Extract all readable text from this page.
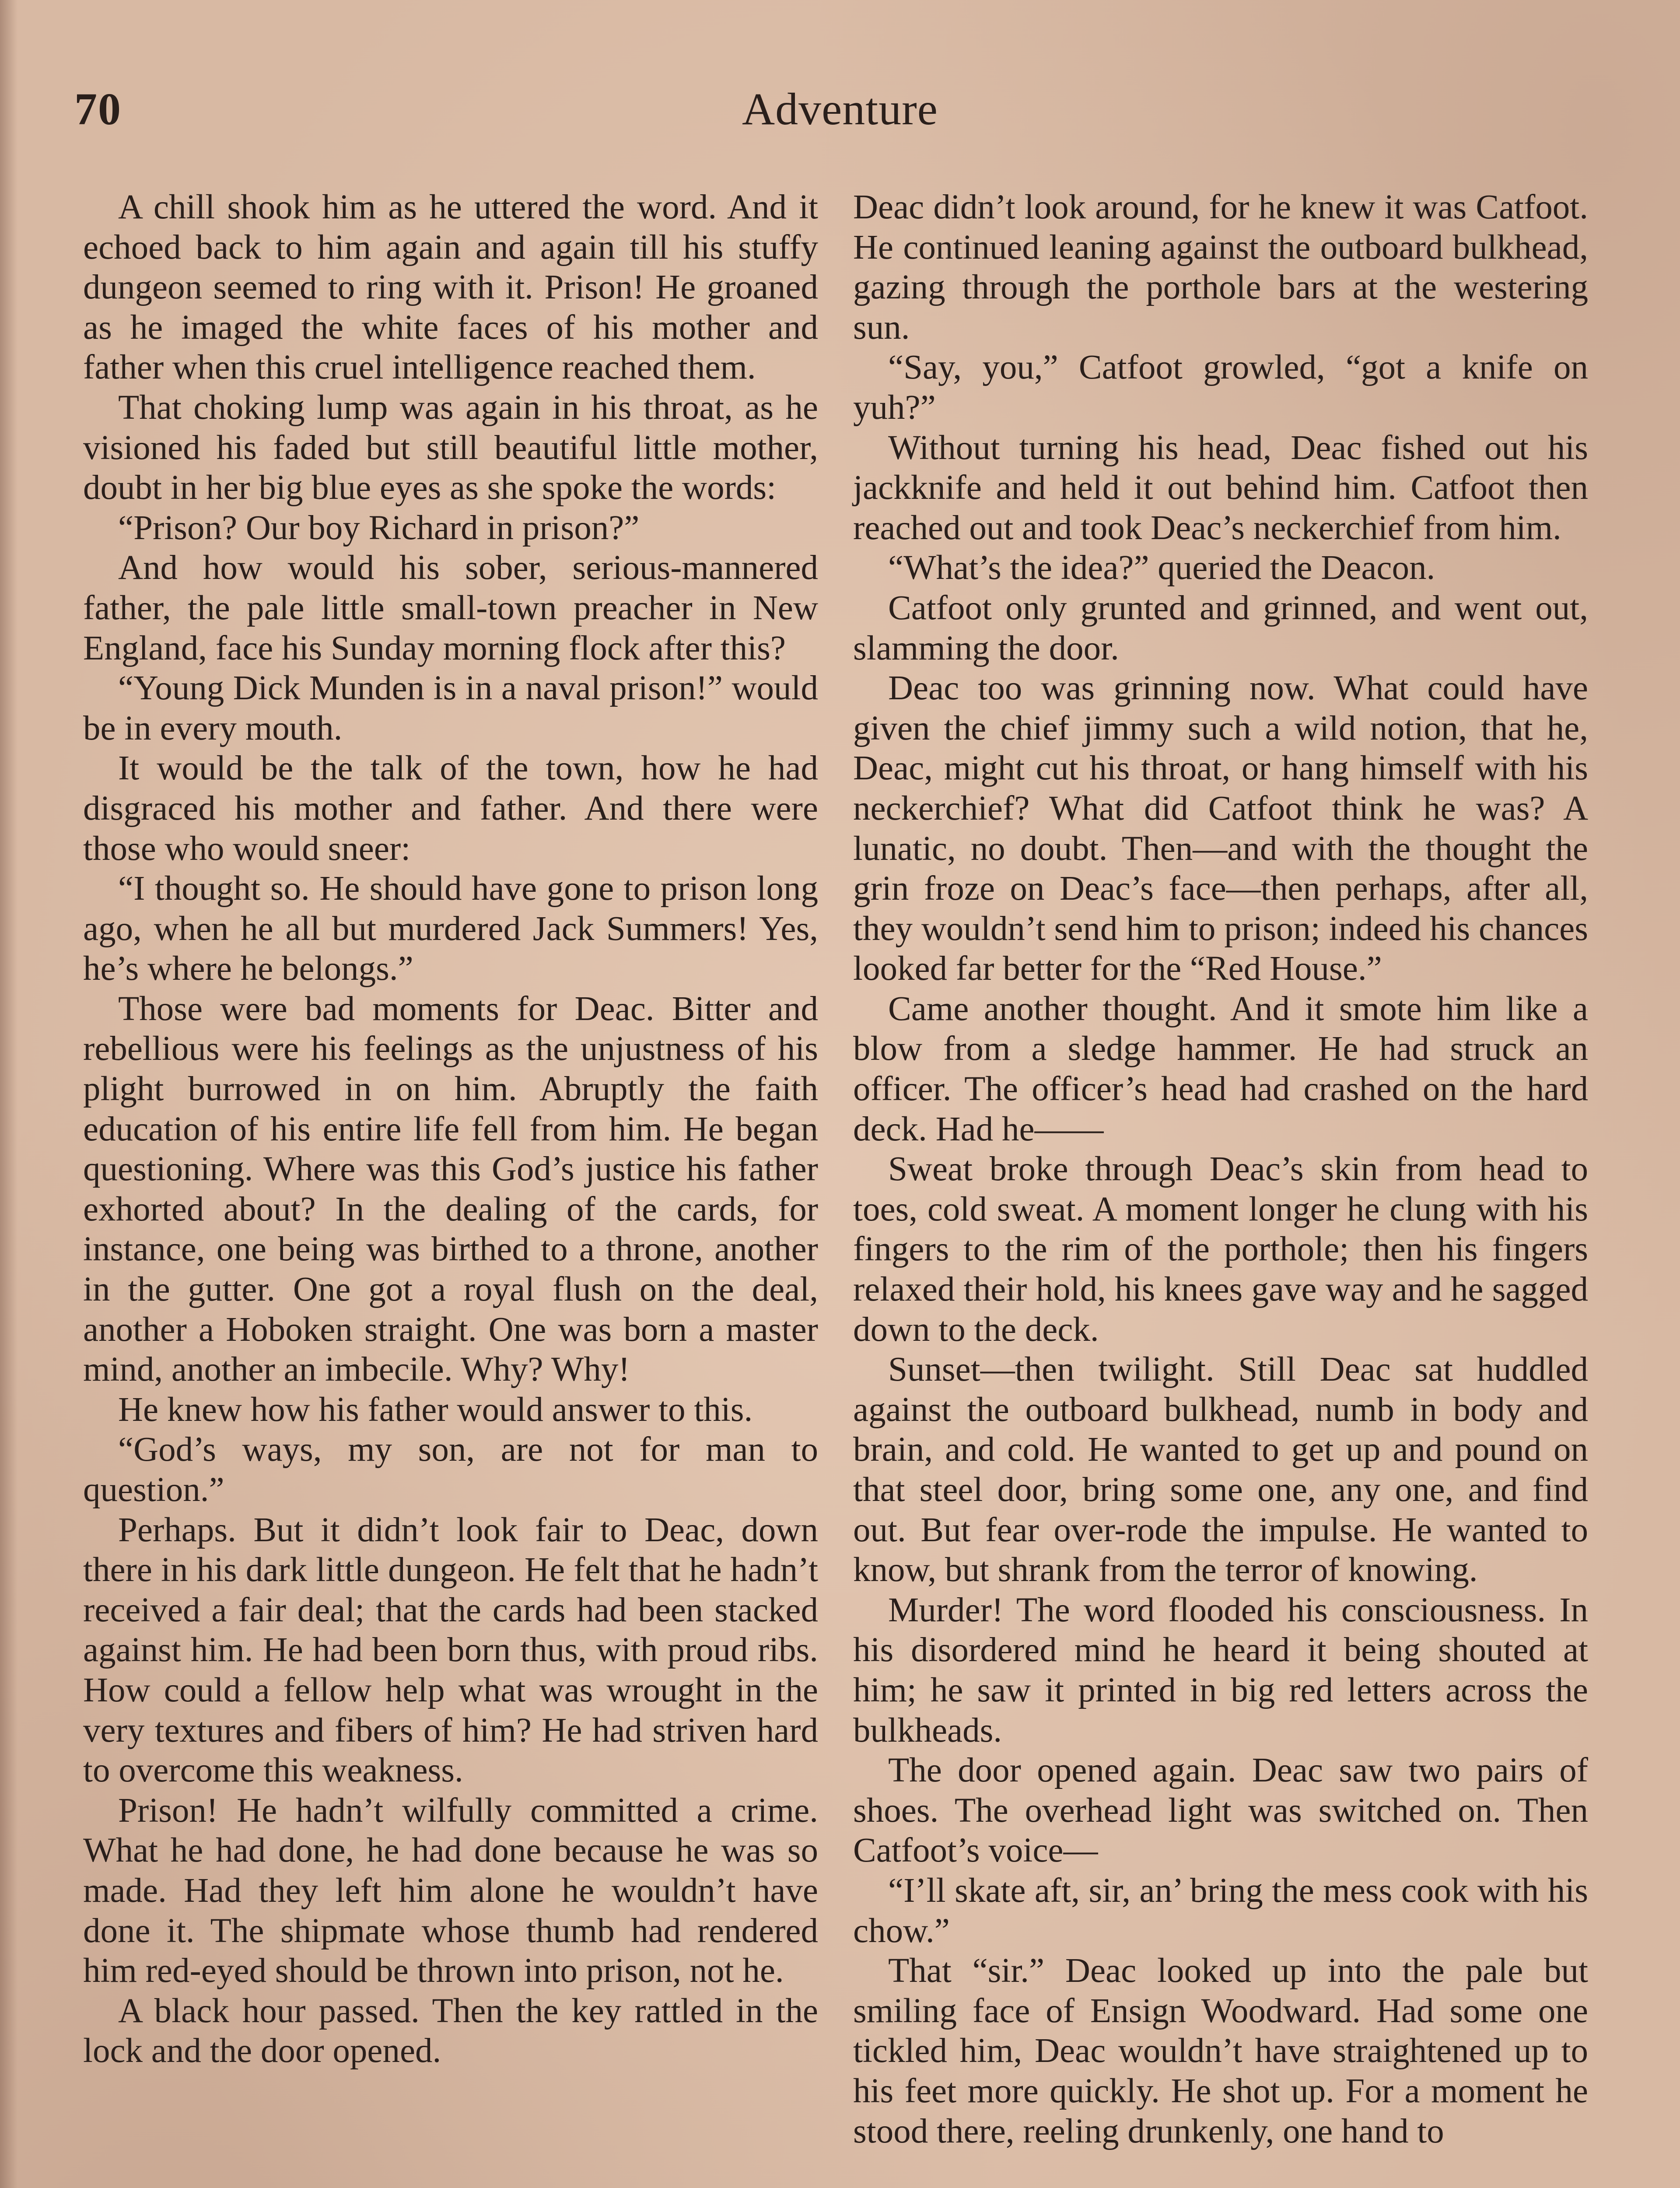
70	Adventure

A chill shook him as he uttered the word. And it echoed back to him again and again till his stuffy dungeon seemed to ring with it. Prison! He groaned as he imaged the white faces of his mother and father when this cruel intelligence reached them.

That choking lump was again in his throat, as he visioned his faded but still beautiful little mother, doubt in her big blue eyes as she spoke the words:

“Prison? Our boy Richard in prison?”

And how would his sober, serious-mannered father, the pale little small-town preacher in New England, face his Sunday morning flock after this?

“Young Dick Munden is in a naval prison!” would be in every mouth.

It would be the talk of the town, how he had disgraced his mother and father. And there were those who would sneer:

“I thought so. He should have gone to prison long ago, when he all but murdered Jack Summers! Yes, he’s where he belongs.”

Those were bad moments for Deac. Bitter and rebellious were his feelings as the unjustness of his plight burrowed in on him. Abruptly the faith education of his entire life fell from him. He began questioning. Where was this God’s justice his father exhorted about? In the dealing of the cards, for instance, one being was birthed to a throne, another in the gutter. One got a royal flush on the deal, another a Hoboken straight. One was born a master mind, another an imbecile. Why? Why!

He knew how his father would answer to this.

“God’s ways, my son, are not for man to question.”

Perhaps. But it didn’t look fair to Deac, down there in his dark little dungeon. He felt that he hadn’t received a fair deal; that the cards had been stacked against him. He had been born thus, with proud ribs. How could a fellow help what was wrought in the very textures and fibers of him? He had striven hard to overcome this weakness.

Prison! He hadn’t wilfully committed a crime. What he had done, he had done because he was so made. Had they left him alone he wouldn’t have done it. The shipmate whose thumb had rendered him red-eyed should be thrown into prison, not he.

A black hour passed. Then the key rattled in the lock and the door opened.

Deac didn’t look around, for he knew it was Catfoot. He continued leaning against the outboard bulkhead, gazing through the porthole bars at the westering sun.

“Say, you,” Catfoot growled, “got a knife on yuh?”

Without turning his head, Deac fished out his jackknife and held it out behind him. Catfoot then reached out and took Deac’s neckerchief from him.

“What’s the idea?” queried the Deacon.

Catfoot only grunted and grinned, and went out, slamming the door.

Deac too was grinning now. What could have given the chief jimmy such a wild notion, that he, Deac, might cut his throat, or hang himself with his neckerchief? What did Catfoot think he was? A lunatic, no doubt. Then—and with the thought the grin froze on Deac’s face—then perhaps, after all, they wouldn’t send him to prison; indeed his chances looked far better for the “Red House.”

Came another thought. And it smote him like a blow from a sledge hammer. He had struck an officer. The officer’s head had crashed on the hard deck. Had he——

Sweat broke through Deac’s skin from head to toes, cold sweat. A moment longer he clung with his fingers to the rim of the porthole; then his fingers relaxed their hold, his knees gave way and he sagged down to the deck.

Sunset—then twilight. Still Deac sat huddled against the outboard bulkhead, numb in body and brain, and cold. He wanted to get up and pound on that steel door, bring some one, any one, and find out. But fear over-rode the impulse. He wanted to know, but shrank from the terror of knowing.

Murder! The word flooded his consciousness. In his disordered mind he heard it being shouted at him; he saw it printed in big red letters across the bulkheads.

The door opened again. Deac saw two pairs of shoes. The overhead light was switched on. Then Catfoot’s voice—

“I’ll skate aft, sir, an’ bring the mess cook with his chow.”

That “sir.” Deac looked up into the pale but smiling face of Ensign Woodward. Had some one tickled him, Deac wouldn’t have straightened up to his feet more quickly. He shot up. For a moment he stood there, reeling drunkenly, one hand to
